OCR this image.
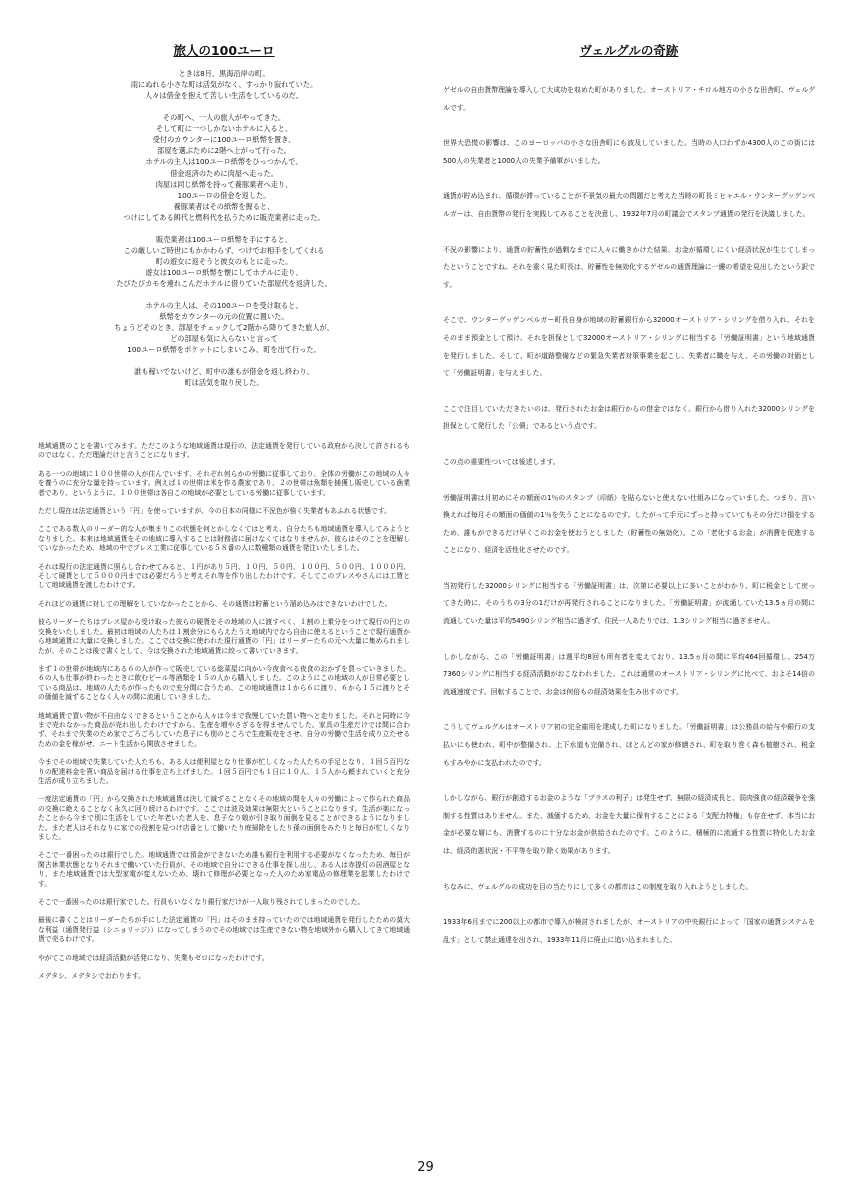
旅人の100ユーロ
ときは8月、黒海沿岸の町。
雨にぬれる小さな町は活気がなく、すっかり寂れていた。
人々は借金を抱えて苦しい生活をしているのだ。
その町へ、一人の旅人がやってきた。
そして町に一つしかないホテルに入ると、
受付のカウンターに100ユーロ紙幣を置き、
部屋を選ぶために2階へ上がって行った。
ホテルの主人は100ユーロ紙幣をひっつかんで、
借金返済のために肉屋へ走った。
肉屋は同じ紙幣を持って養豚業者へ走り、
100ユーロの借金を返した。
養豚業者はその紙幣を握ると、
つけにしてある餌代と燃料代を払うために販売業者に走った。
販売業者は100ユーロ紙幣を手にすると、
この厳しいご時世にもかかわらず、つけでお相手をしてくれる
町の遊女に返そうと彼女のもとに走った。
遊女は100ユーロ紙幣を懐にしてホテルに走り、
たびたびカモを連れこんだホテルに借りていた部屋代を返済した。
ホテルの主人は、その100ユーロを受け取ると、
紙幣をカウンターの元の位置に置いた。
ちょうどそのとき、部屋をチェックして2階から降りてきた旅人が、
どの部屋も気に入らないと言って
100ユーロ紙幣をポケットにしまいこみ、町を出て行った。
誰も稼いでないけど、町中の誰もが借金を返し終わり、
町は活気を取り戻した。

地域通貨のことを書いてみます。ただこのような地域通貨は現行の、法定通貨を発行している政府から決して許されるものではなく、ただ理論だけと言うことになります。

ある一つの地域に１００世帯の人が住んでいます、それぞれ何らかの労働に従事しており、全体の労働がこの地域の人々を養うのに充分な量を持っています。例えば１の世帯は米を作る農家であり、２の世帯は魚類を捕獲し販売している漁業者であり、というように、１００世帯は各自この地域が必要としている労働に従事しています。

ただし現在は法定通貨という「円」を使っていますが、今の日本の同様に不況色が強く失業者もあふれる状態です。

ここである数人のリーダー的な人が集まりこの状態を何とかしなくてはと考え、自分たちも地域通貨を導入してみようとなりました。本来は地域通貨をその地域に導入することは財務省に届けなくてはなりませんが、彼らはそのことを理解していなかったため、地域の中でプレス工業に従事している５８番の人に数種類の通貨を発注いたしました。

それは現行の法定通貨に照らし合わせてみると、１円があり５円、１０円、５０円、１００円、５００円、１０００円、そして硬貨として５０００円までは必要だろうと考えそれ等を作り出したわけです。そしてこのプレスやさんには工賃として地域通貨を渡したわけです。

それほどの通貨に対しての理解をしていなかったことから、その通貨は貯蓄という溜め込みはできないわけでした。

彼らリーダーたちはプレス屋から受け取った彼らの硬貨をその地域の人に渡すべく、１割の上乗分をつけて現行の円との交換をいたしました。最初は地域の人たちは１割余分にもらえたうえ地域内でなら自由に使えるということで現行通貨から地域通貨に大量に交換しました。ここでは交換に使われた現行通貨の「円」はリーダーたちの元へ大量に集められましたが、そのことは後で書くとして、今は交換された地域通貨に絞って書いていきます。

まず１の世帯が地域内にある６の人が作って販売している総菜屋に向かい今夜食べる夜食のおかずを買っていきました。６の人も仕事が終わったときに飲むビール等酒類を１５の人から購入しました。このようにこの地域の人が日常必要としている商品は、地域の人たちが作ったもので充分間に合うため、この地域通貨は１から６に渡り、６から１５に渡りとその価値を減ずることなく人々の間に流通していきました。

地域通貨で買い物が不自由なくできるということから人々は今まで我慢していた買い物へと走りました。それと同時に今まで売れなかった商品が売れ出したわけですから、生産を増やさざるを得ませんでした。家具の生産だけでは間に合わず、それまで失業のため家でごろごろしていた息子にも別のところで生産販売をさせ、自分の労働で生活を成り立たせるための金を稼がせ、ニート生活から開放させました。

今までその地域で失業していた人たちも、ある人は便利屋となり仕事が忙しくなった人たちの手足となり、１回５百円なりの配達料金を貰い商品を届ける仕事を立ち上げました。１回５百円でも１日に１０人、１５人から頼まれていくと充分生活が成り立ちました。

一度法定通貨の「円」から交換された地域通貨は決して減ずることなくその地域の間を人々の労働によって作られた商品の交換に絶えることなく永久に回り続けるわけです。ここでは波及効果は無限大ということになります。生活が楽になったことから今まで別に生活をしていた年老いた老人を、息子なり娘が引き取り面倒を見ることができるようになりました。また老人はそれなりに家での役割を見つけ店番として働いたり庭掃除をしたり孫の面倒をみたりと毎日が忙しくなりました。

そこで一番困ったのは銀行でした。地域通貨では預金ができないため誰も銀行を利用する必要がなくなったため、毎日が閑古休業状態となりそれまで働いていた行員が、その地域で自分にできる仕事を探し出し、ある人は赤提灯の居酒屋となり、また地域通貨では大型家電が変えないため、壊れて修理が必要となった人のため家電品の修理業を起業したわけです。

そこで一番困ったのは銀行家でした。行員もいなくなり銀行家だけが一人取り残されてしまったのでした。

最後に書くことはリーダーたちが手にした法定通貨の「円」はそのまま持っていたのでは地域通貨を発行したための莫大な利益（通貨発行益（シニョリッジ））になってしまうのでその地域では生産できない物を地域外から購入してきて地域通貨で売るわけです。

やがてこの地域では経済活動が活発になり、失業もゼロになったわけです。

メデタシ、メデタシでおわります。

ヴェルグルの奇跡

ゲゼルの自由貨幣理論を導入して大成功を収めた町がありました。オーストリア・チロル地方の小さな田舎町、ヴェルグルです。

世界大恐慌の影響は、このヨーロッパの小さな田舎町にも波及していました。当時の人口わずか4300人のこの街には500人の失業者と1000人の失業予備軍がいました。

通貨が貯め込まれ、循環が滞っていることが不景気の最大の問題だと考えた当時の町長ミヒャエル・ウンターグッゲンベルガーは、自由貨幣の発行を実践してみることを決意し、1932年7月の町議会でスタンプ通貨の発行を決議しました。

不況の影響により、通貨の貯蓄性が過剰なまでに人々に働きかけた結果、お金が循環しにくい経済状況が生じてしまったということですね。それを重く見た町長は、貯蓄性を無効化するゲゼルの通貨理論に一縷の希望を見出したという訳です。

そこで、ウンターグッゲンベルガー町長自身が地域の貯蓄銀行から32000オーストリア・シリングを借り入れ、それをそのまま預金として預け、それを担保として32000オーストリア・シリングに相当する「労働証明書」という地域通貨を発行しました。そして、町が道路整備などの緊急失業者対策事業を起こし、失業者に職を与え、その労働の対価として「労働証明書」を与えました。

ここで注目していただきたいのは、発行されたお金は銀行からの借金ではなく、銀行から借り入れた32000シリングを担保として発行した「公債」であるという点です。

この点の重要性ついては後述します。

労働証明書は月初めにその額面の1％のスタンプ（印紙）を貼らないと使えない仕組みになっていました。つまり、言い換えれば毎月その額面の価値の1％を失うことになるのです。したがって手元にずっと持っていてもその分だけ損をするため、誰もができるだけ早くこのお金を使おうとしました（貯蓄性の無効化）。この「老化するお金」が消費を促進することになり、経済を活性化させたのです。

当初発行した32000シリングに相当する「労働証明書」は、次第に必要以上に多いことがわかり、町に税金として戻ってきた時に、そのうちの3分の1だけが再発行されることになりました。「労働証明書」が流通していた13.5ヵ月の間に流通していた量は平均5490シリング相当に過ぎず、住民一人あたりでは、1.3シリング相当に過ぎません。

しかしながら、この「労働証明書」は週平均8回も所有者を変えており、13.5ヵ月の間に平均464回循環し、254万7360シリングに相当する経済活動がおこなわれました。これは通常のオーストリア・シリングに比べて、およそ14倍の流通速度です。回転することで、お金は何倍もの経済効果を生み出すのです。

こうしてヴェルグルはオーストリア初の完全雇用を達成した町になりました。「労働証明書」は公務員の給与や銀行の支払いにも使われ、町中が整備され、上下水道も完備され、ほとんどの家が修繕され、町を取り巻く森も植樹され、税金もすみやかに支払われたのです。

しかしながら、銀行が創造するお金のような「プラスの利子」は発生せず、無限の経済成長と、弱肉強食の経済競争を強制する性質はありません。また、減価するため、お金を大量に保有することによる「支配力特権」も存在せず、本当にお金が必要な層にも、消費するのに十分なお金が供給されたのです。このように、積極的に流通する性質に特化したお金は、経済的悪状況・不平等を取り除く効果があります。

ちなみに、ヴェルグルの成功を目の当たりにして多くの都市はこの制度を取り入れようとしました。

1933年6月までに200以上の都市で導入が検討されましたが、オーストリアの中央銀行によって「国家の通貨システムを乱す」として禁止通達を出され、1933年11月に廃止に追い込まれました。

29
